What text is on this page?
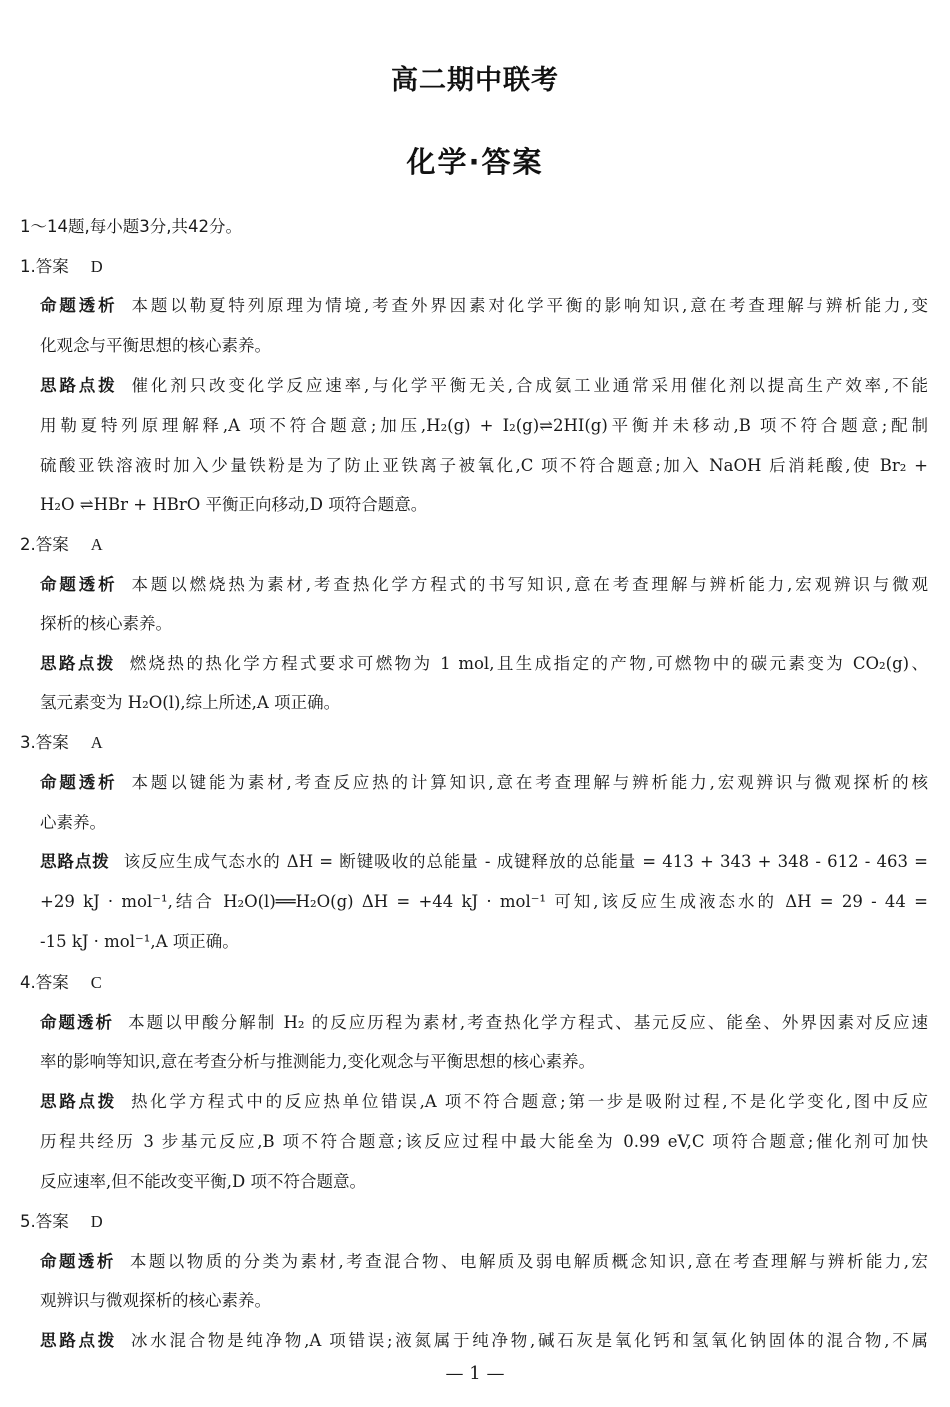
高二期中联考
化学·答案
1～14题,每小题3分,共42分。
1.答案 D
命题透析 本题以勒夏特列原理为情境,考查外界因素对化学平衡的影响知识,意在考查理解与辨析能力,变
化观念与平衡思想的核心素养。
思路点拨 催化剂只改变化学反应速率,与化学平衡无关,合成氨工业通常采用催化剂以提高生产效率,不能
用勒夏特列原理解释,A 项不符合题意;加压,H₂(g) + I₂(g)⇌2HI(g)平衡并未移动,B 项不符合题意;配制
硫酸亚铁溶液时加入少量铁粉是为了防止亚铁离子被氧化,C 项不符合题意;加入 NaOH 后消耗酸,使 Br₂ +
H₂O ⇌HBr + HBrO 平衡正向移动,D 项符合题意。
2.答案 A
命题透析 本题以燃烧热为素材,考查热化学方程式的书写知识,意在考查理解与辨析能力,宏观辨识与微观
探析的核心素养。
思路点拨 燃烧热的热化学方程式要求可燃物为 1 mol,且生成指定的产物,可燃物中的碳元素变为 CO₂(g)、
氢元素变为 H₂O(l),综上所述,A 项正确。
3.答案 A
命题透析 本题以键能为素材,考查反应热的计算知识,意在考查理解与辨析能力,宏观辨识与微观探析的核
心素养。
思路点拨 该反应生成气态水的 ΔH = 断键吸收的总能量 - 成键释放的总能量 = 413 + 343 + 348 - 612 - 463 =
+29 kJ · mol⁻¹,结合 H₂O(l)══H₂O(g) ΔH = +44 kJ · mol⁻¹ 可知,该反应生成液态水的 ΔH = 29 - 44 =
-15 kJ · mol⁻¹,A 项正确。
4.答案 C
命题透析 本题以甲酸分解制 H₂ 的反应历程为素材,考查热化学方程式、基元反应、能垒、外界因素对反应速
率的影响等知识,意在考查分析与推测能力,变化观念与平衡思想的核心素养。
思路点拨 热化学方程式中的反应热单位错误,A 项不符合题意;第一步是吸附过程,不是化学变化,图中反应
历程共经历 3 步基元反应,B 项不符合题意;该反应过程中最大能垒为 0.99 eV,C 项符合题意;催化剂可加快
反应速率,但不能改变平衡,D 项不符合题意。
5.答案 D
命题透析 本题以物质的分类为素材,考查混合物、电解质及弱电解质概念知识,意在考查理解与辨析能力,宏
观辨识与微观探析的核心素养。
思路点拨 冰水混合物是纯净物,A 项错误;液氮属于纯净物,碱石灰是氧化钙和氢氧化钠固体的混合物,不属
— 1 —
